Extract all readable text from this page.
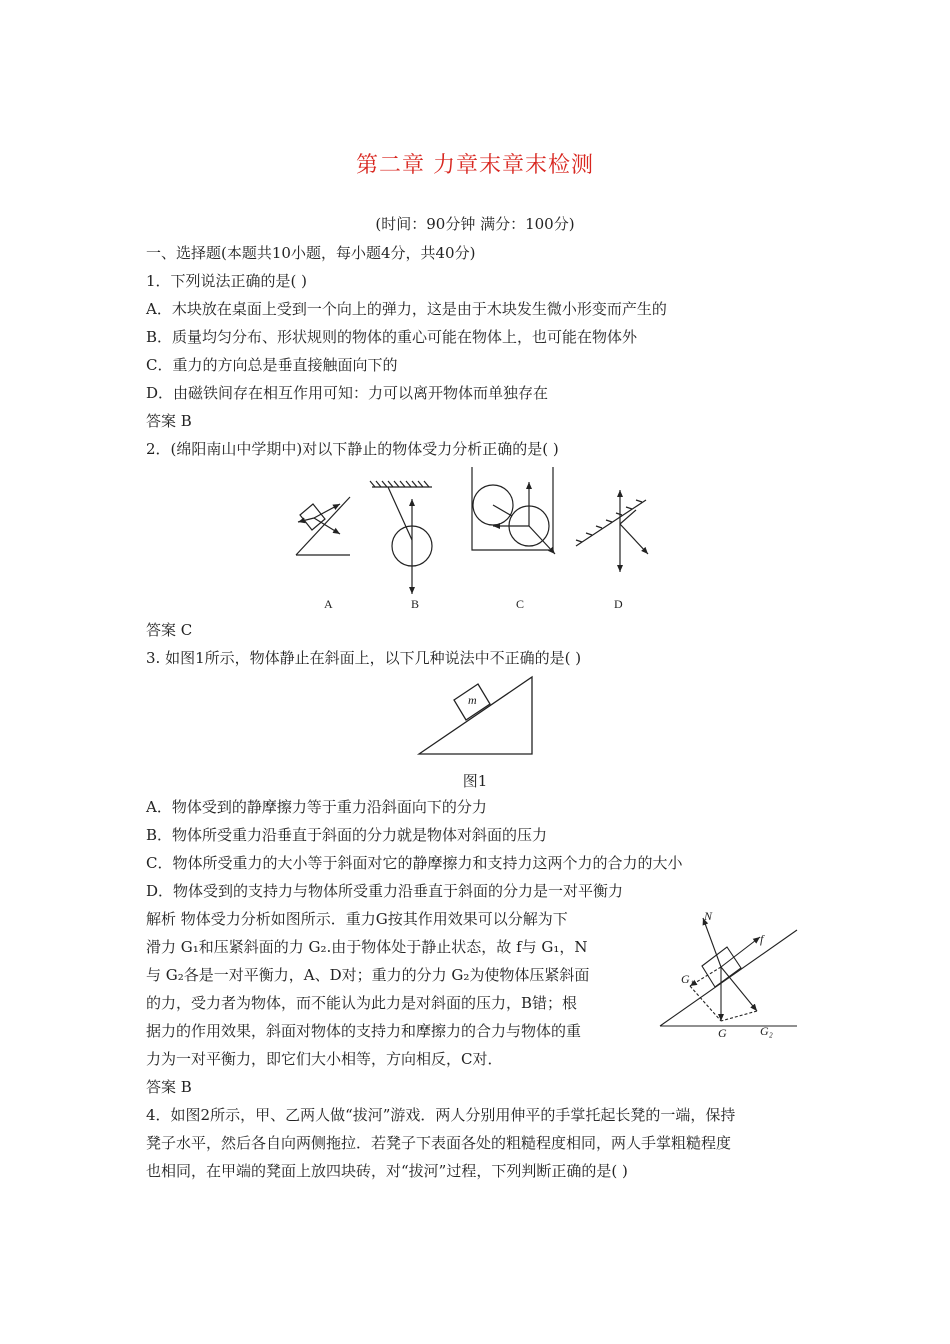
第二章 力章末章末检测
(时间：90分钟 满分：100分)
一、选择题(本题共10小题，每小题4分，共40分)
1．下列说法正确的是( )
A．木块放在桌面上受到一个向上的弹力，这是由于木块发生微小形变而产生的
B．质量均匀分布、形状规则的物体的重心可能在物体上，也可能在物体外
C．重力的方向总是垂直接触面向下的
D．由磁铁间存在相互作用可知：力可以离开物体而单独存在
答案 B
2．(绵阳南山中学期中)对以下静止的物体受力分析正确的是( )
A	B	C	D
答案 C
3. 如图1所示，物体静止在斜面上，以下几种说法中不正确的是( )
m
图1
A．物体受到的静摩擦力等于重力沿斜面向下的分力
B．物体所受重力沿垂直于斜面的分力就是物体对斜面的压力
C．物体所受重力的大小等于斜面对它的静摩擦力和支持力这两个力的合力的大小
D．物体受到的支持力与物体所受重力沿垂直于斜面的分力是一对平衡力
解析 物体受力分析如图所示．重力G按其作用效果可以分解为下
滑力 G₁和压紧斜面的力 G₂.由于物体处于静止状态，故 f与 G₁，N
与 G₂各是一对平衡力，A、D对；重力的分力 G₂为使物体压紧斜面
的力，受力者为物体，而不能认为此力是对斜面的压力，B错；根
据力的作用效果，斜面对物体的支持力和摩擦力的合力与物体的重
力为一对平衡力，即它们大小相等，方向相反，C对．
N
f
G₁
G₂
G
答案 B
4．如图2所示，甲、乙两人做“拔河”游戏．两人分别用伸平的手掌托起长凳的一端，保持
凳子水平，然后各自向两侧拖拉．若凳子下表面各处的粗糙程度相同，两人手掌粗糙程度
也相同，在甲端的凳面上放四块砖，对“拔河”过程，下列判断正确的是( )
